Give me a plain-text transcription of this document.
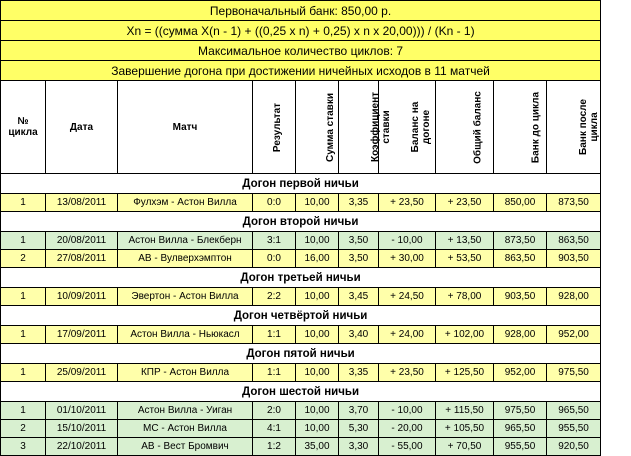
Первоначальный банк: 850,00 р.									
Xn = ((сумма X(n - 1) + ((0,25 x n) + 0,25) x n x 20,00))) / (Kn - 1)									
Максимальное количество циклов: 7									
Завершение догона при достижении ничейных исходов в 11 матчей									
№ цикла	Дата	Матч	Результат	Сумма ставки	Коэффициент ставки	Баланс на догоне	Общий баланс	Банк до цикла	Банк после цикла
Догон первой ничьи									
1	13/08/2011	Фулхэм - Астон Вилла	0:0	10,00	3,35	+ 23,50	+ 23,50	850,00	873,50
Догон второй ничьи									
1	20/08/2011	Астон Вилла - Блекберн	3:1	10,00	3,50	- 10,00	+ 13,50	873,50	863,50
2	27/08/2011	АВ - Вулверхэмптон	0:0	16,00	3,50	+ 30,00	+ 53,50	863,50	903,50
Догон третьей ничьи									
1	10/09/2011	Эвертон - Астон Вилла	2:2	10,00	3,45	+ 24,50	+ 78,00	903,50	928,00
Догон четвёртой ничьи									
1	17/09/2011	Астон Вилла - Ньюкасл	1:1	10,00	3,40	+ 24,00	+ 102,00	928,00	952,00
Догон пятой ничьи									
1	25/09/2011	КПР - Астон Вилла	1:1	10,00	3,35	+ 23,50	+ 125,50	952,00	975,50
Догон шестой ничьи									
1	01/10/2011	Астон Вилла - Уиган	2:0	10,00	3,70	- 10,00	+ 115,50	975,50	965,50
2	15/10/2011	МС - Астон Вилла	4:1	10,00	5,30	- 20,00	+ 105,50	965,50	955,50
3	22/10/2011	АВ - Вест Бромвич	1:2	35,00	3,30	- 55,00	+ 70,50	955,50	920,50
